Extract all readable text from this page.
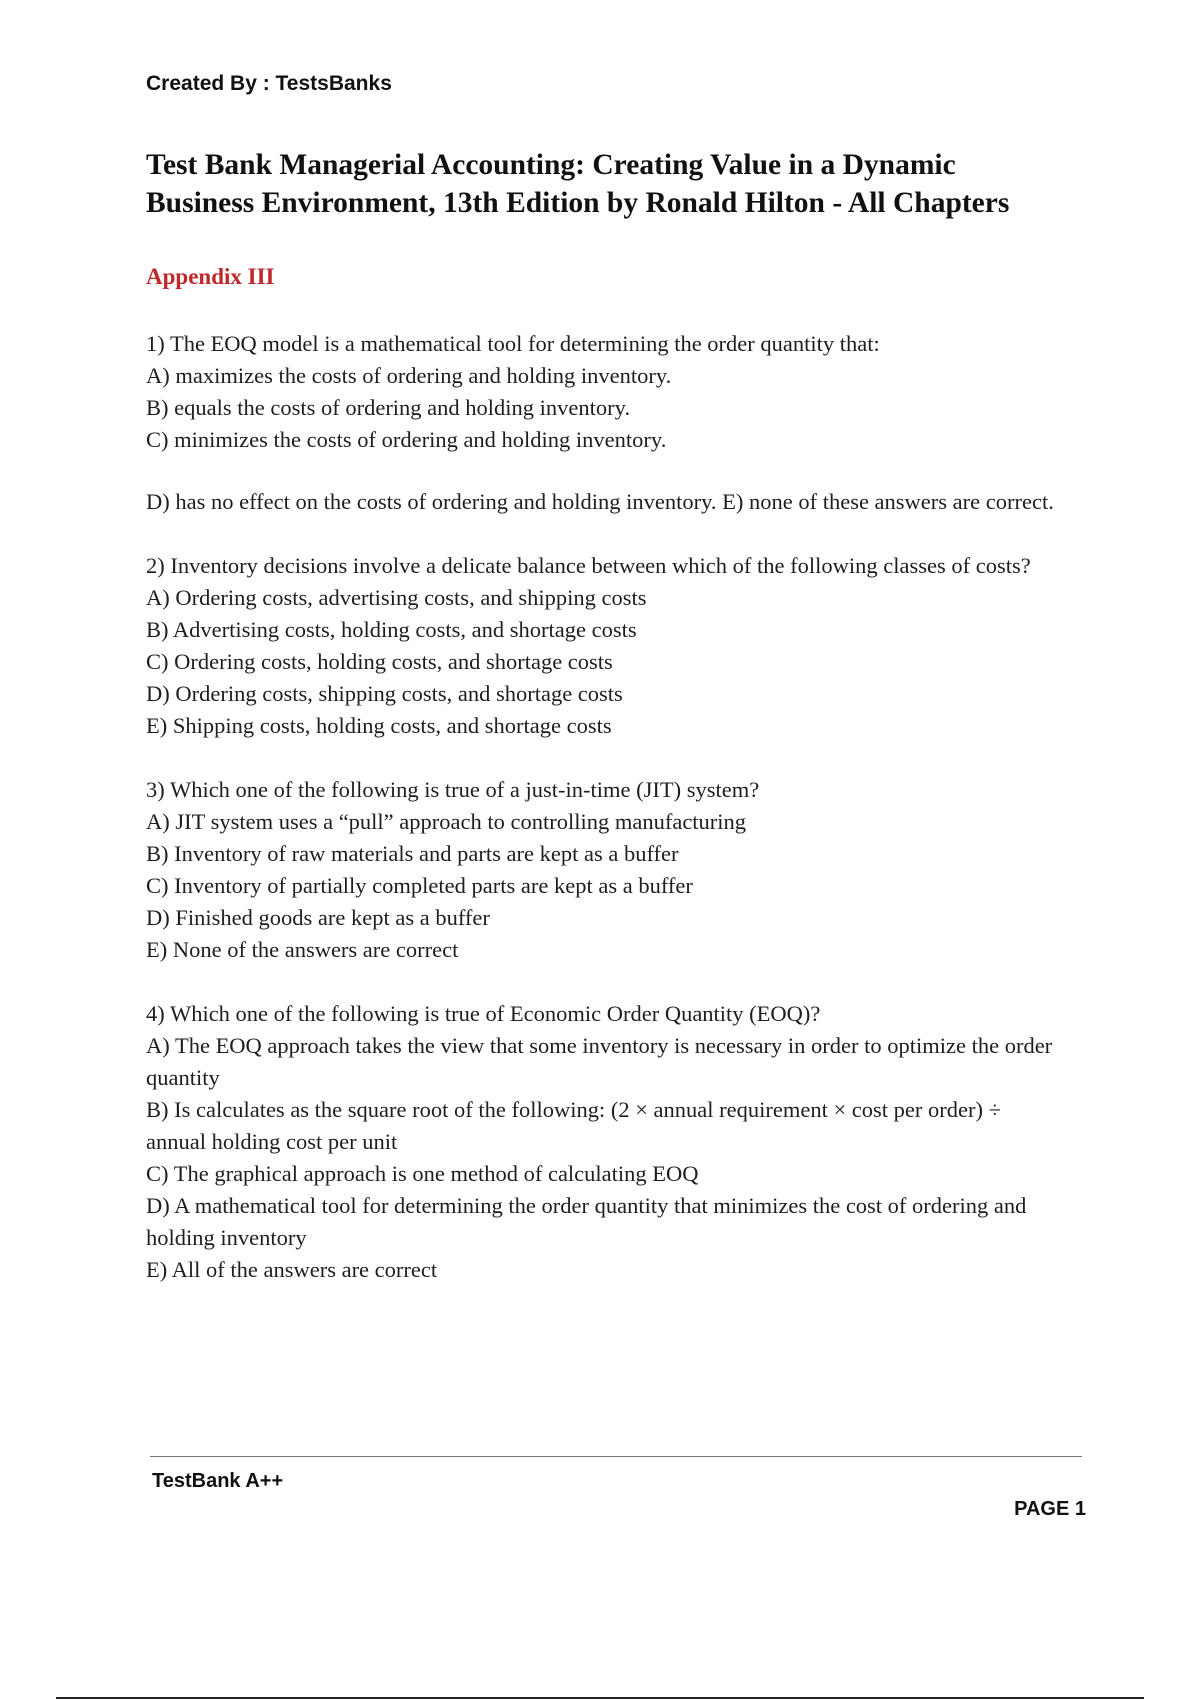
Created By : TestsBanks
Test Bank Managerial Accounting: Creating Value in a Dynamic
Business Environment, 13th Edition by Ronald Hilton - All Chapters
Appendix III

1) The EOQ model is a mathematical tool for determining the order quantity that:

A) maximizes the costs of ordering and holding inventory.

B) equals the costs of ordering and holding inventory.

C) minimizes the costs of ordering and holding inventory.

D) has no effect on the costs of ordering and holding inventory. E) none of these answers are correct.

2) Inventory decisions involve a delicate balance between which of the following classes of costs?

A) Ordering costs, advertising costs, and shipping costs

B) Advertising costs, holding costs, and shortage costs

C) Ordering costs, holding costs, and shortage costs

D) Ordering costs, shipping costs, and shortage costs

E) Shipping costs, holding costs, and shortage costs

3) Which one of the following is true of a just-in-time (JIT) system?

A) JIT system uses a “pull” approach to controlling manufacturing

B) Inventory of raw materials and parts are kept as a buffer

C) Inventory of partially completed parts are kept as a buffer

D) Finished goods are kept as a buffer

E) None of the answers are correct

4) Which one of the following is true of Economic Order Quantity (EOQ)?

A) The EOQ approach takes the view that some inventory is necessary in order to optimize the order quantity

B) Is calculates as the square root of the following: (2 × annual requirement × cost per order) ÷ annual holding cost per unit

C) The graphical approach is one method of calculating EOQ

D) A mathematical tool for determining the order quantity that minimizes the cost of ordering and holding inventory

E) All of the answers are correct

TestBank A++
PAGE 1
